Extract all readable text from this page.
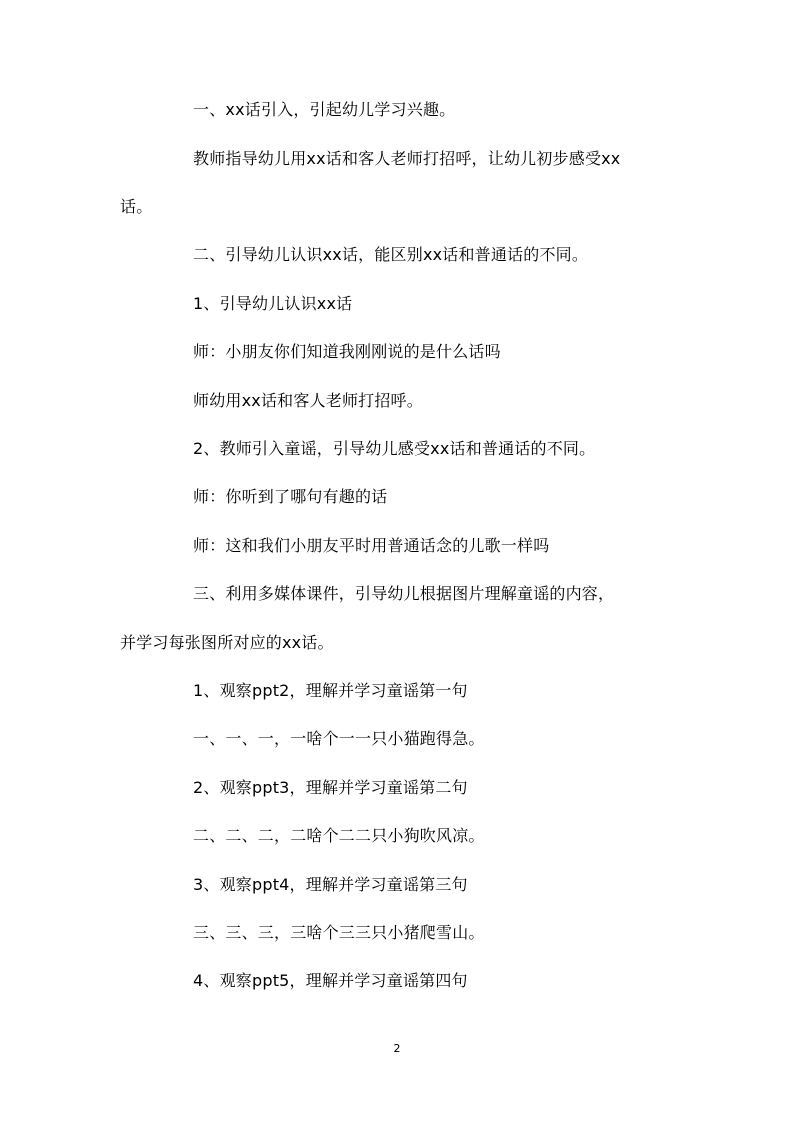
一、xx话引入，引起幼儿学习兴趣。
教师指导幼儿用xx话和客人老师打招呼，让幼儿初步感受xx
话。
二、引导幼儿认识xx话，能区别xx话和普通话的不同。
1、引导幼儿认识xx话
师：小朋友你们知道我刚刚说的是什么话吗
师幼用xx话和客人老师打招呼。
2、教师引入童谣，引导幼儿感受xx话和普通话的不同。
师：你听到了哪句有趣的话
师：这和我们小朋友平时用普通话念的儿歌一样吗
三、利用多媒体课件，引导幼儿根据图片理解童谣的内容，
并学习每张图所对应的xx话。
1、观察ppt2，理解并学习童谣第一句
一、一、一，一啥个一一只小猫跑得急。
2、观察ppt3，理解并学习童谣第二句
二、二、二，二啥个二二只小狗吹风凉。
3、观察ppt4，理解并学习童谣第三句
三、三、三，三啥个三三只小猪爬雪山。
4、观察ppt5，理解并学习童谣第四句
2
